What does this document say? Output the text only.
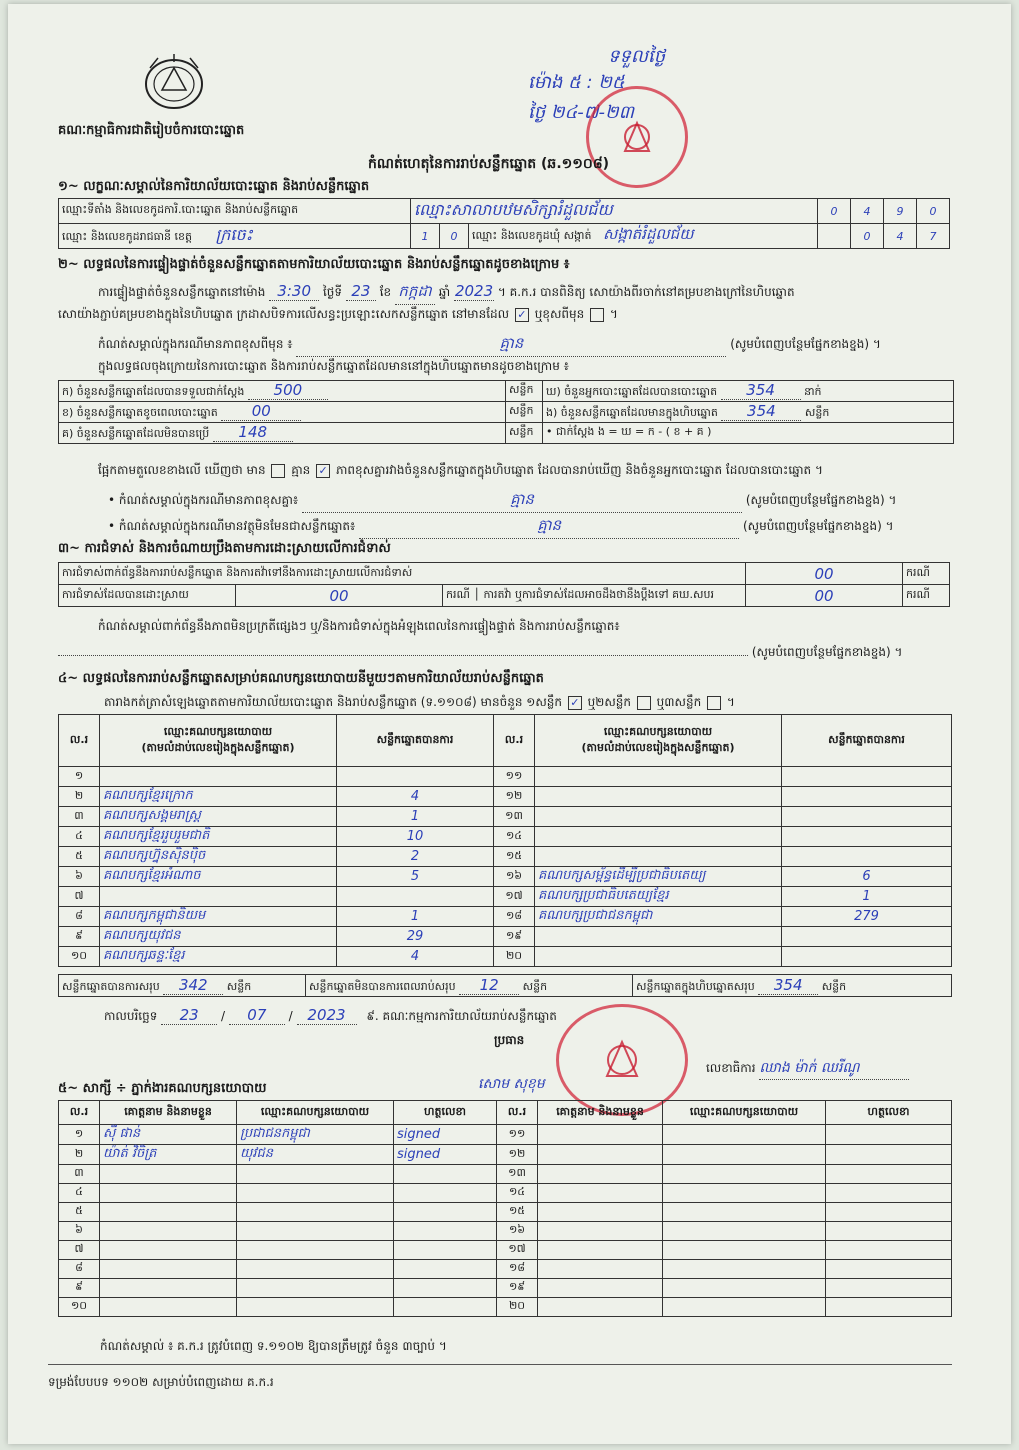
គណៈកម្មាធិការជាតិរៀបចំការបោះឆ្នោត
ទទួលថ្ងៃ
ម៉ោង ៥ : ២៥
ថ្ងៃ ២៤-៧-២៣
កំណត់ហេតុនៃការរាប់សន្លឹកឆ្នោត (ឆ.១១០៨)
១~ លក្ខណៈសម្គាល់នៃការិយាល័យបោះឆ្នោត និងរាប់សន្លឹកឆ្នោត
ឈ្មោះទីតាំង និងលេខកូដការិ.បោះឆ្នោត និងរាប់សន្លឹកឆ្នោត	ឈ្មោះសាលាបឋមសិក្សារំដួលជ័យ			0	4	9	0
ឈ្មោះ និងលេខកូដរាជធានី ខេត្ត ក្រចេះ	1	0	ឈ្មោះ និងលេខកូដឃុំ សង្កាត់ សង្កាត់រំដួលជ័យ		0	4	7
២~ លទ្ធផលនៃការផ្ទៀងផ្ទាត់ចំនួនសន្លឹកឆ្នោតតាមការិយាល័យបោះឆ្នោត និងរាប់សន្លឹកឆ្នោតដូចខាងក្រោម ៖
ការផ្ទៀងផ្ទាត់ចំនួនសន្លឹកឆ្នោតនៅម៉ោង 3:30 ថ្ងៃទី 23 ខែ កក្កដា ឆ្នាំ 2023 ។ គ.ក.រ បានពិនិត្យ សោយ៉ាងពីរចាក់នៅគម្របខាងក្រៅនៃហិបឆ្នោត
សោយ៉ាងភ្ជាប់គម្របខាងក្នុងនៃហិបឆ្នោត ក្រដាសបិទការលើសន្ធះប្រឡោះសេកសន្លឹកឆ្នោត នៅមានដែល ✓ ឬខុសពីមុន  ។
កំណត់សម្គាល់ក្នុងករណីមានភាពខុសពីមុន ៖	គ្មាន	(សូមបំពេញបន្ថែមផ្នែកខាងខ្នង) ។
ក្នុងលទ្ធផលចុងក្រោយនៃការបោះឆ្នោត និងការរាប់សន្លឹកឆ្នោតដែលមាននៅក្នុងហិបឆ្នោតមានដូចខាងក្រោម ៖
ក) ចំនួនសន្លឹកឆ្នោតដែលបានទទួលជាក់ស្តែង 500	សន្លឹក	ឃ) ចំនួនអ្នកបោះឆ្នោតដែលបានបោះឆ្នោត 354 នាក់
ខ) ចំនួនសន្លឹកឆ្នោតខូចពេលបោះឆ្នោត 00	សន្លឹក	ង) ចំនួនសន្លឹកឆ្នោតដែលមានក្នុងហិបឆ្នោត 354 សន្លឹក
គ) ចំនួនសន្លឹកឆ្នោតដែលមិនបានប្រើ 148	សន្លឹក	• ជាក់ស្តែង ង = ឃ = ក - ( ខ + គ )
ផ្អែកតាមតួលេខខាងលើ ឃើញថា មាន គ្មាន ✓ ភាពខុសគ្នារវាងចំនួនសន្លឹកឆ្នោតក្នុងហិបឆ្នោត ដែលបានរាប់ឃើញ និងចំនួនអ្នកបោះឆ្នោត ដែលបានបោះឆ្នោត ។
• កំណត់សម្គាល់ក្នុងករណីមានភាពខុសគ្នា៖	គ្មាន	(សូមបំពេញបន្ថែមផ្នែកខាងខ្នង) ។
• កំណត់សម្គាល់ក្នុងករណីមានវត្ថុមិនមែនជាសន្លឹកឆ្នោត៖	គ្មាន	(សូមបំពេញបន្ថែមផ្នែកខាងខ្នង) ។
៣~ ការជំទាស់ និងការចំណាយប្រឹងតាមការដោះស្រាយលើការជំទាស់
ការជំទាស់ពាក់ព័ន្ធនឹងការរាប់សន្លឹកឆ្នោត និងការតវ៉ាទៅនឹងការដោះស្រាយលើការជំទាស់			00	ករណី
ការជំទាស់ដែលបានដោះស្រាយ	00	ករណី │ ការតវ៉ា ឬការជំទាស់ដែលអាចដឹងថានឹងប្តឹងទៅ គឃ.សបរ	00	ករណី
កំណត់សម្គាល់ពាក់ព័ន្ធនឹងភាពមិនប្រក្រតីផ្សេងៗ ឬ/និងការជំទាស់ក្នុងអំឡុងពេលនៃការផ្ទៀងផ្ទាត់ និងការរាប់សន្លឹកឆ្នោត៖
(សូមបំពេញបន្ថែមផ្នែកខាងខ្នង) ។
៤~ លទ្ធផលនៃការរាប់សន្លឹកឆ្នោតសម្រាប់គណបក្សនយោបាយនីមួយៗតាមការិយាល័យរាប់សន្លឹកឆ្នោត
តារាងកត់ត្រាសំឡេងឆ្នោតតាមការិយាល័យបោះឆ្នោត និងរាប់សន្លឹកឆ្នោត (ទ.១១០៨) មានចំនួន ១សន្លឹក ✓ ឬ២សន្លឹក ឬ៣សន្លឹក  ។
ល.រ	ឈ្មោះគណបក្សនយោបាយ
(តាមលំដាប់លេខរៀងក្នុងសន្លឹកឆ្នោត)	សន្លឹកឆ្នោតបានការ	ល.រ	ឈ្មោះគណបក្សនយោបាយ
(តាមលំដាប់លេខរៀងក្នុងសន្លឹកឆ្នោត)	សន្លឹកឆ្នោតបានការ
១			១១		
២	គណបក្សខ្មែរក្រោក	4	១២		
៣	គណបក្សសង្គមរាស្ត្រ	1	១៣		
៤	គណបក្សខ្មែររួបរួមជាតិ	10	១៤		
៥	គណបក្សហ្វ៊ុនស៊ិនប៉ិច	2	១៥		
៦	គណបក្សខ្មែរអំណាច	5	១៦	គណបក្សសម្ព័ន្ធដើម្បីប្រជាធិបតេយ្យ	6
៧			១៧	គណបក្សប្រជាធិបតេយ្យខ្មែរ	1
៨	គណបក្សកម្ពុជានិយម	1	១៨	គណបក្សប្រជាជនកម្ពុជា	279
៩	គណបក្សយុវជន	29	១៩		
១០	គណបក្សឆន្ទៈខ្មែរ	4	២០		
សន្លឹកឆ្នោតបានការសរុប 342 សន្លឹក	សន្លឹកឆ្នោតមិនបានការពេលរាប់សរុប 12 សន្លឹក	សន្លឹកឆ្នោតក្នុងហិបឆ្នោតសរុប 354 សន្លឹក
កាលបរិច្ឆេទ 23 / 07 / 2023 ៩. គណៈកម្មការការិយាល័យរាប់សន្លឹកឆ្នោត
ប្រធាន
សោម សុខុម
លេខាធិការ ឈាង ម៉ាក់ ឈរីណូ
៥~ សាក្សី ÷ ភ្នាក់ងារគណបក្សនយោបាយ
ល.រ	គោត្តនាម និងនាមខ្លួន	ឈ្មោះគណបក្សនយោបាយ	ហត្ថលេខា	ល.រ	គោត្តនាម និងនាមខ្លួន	ឈ្មោះគណបក្សនយោបាយ	ហត្ថលេខា
១	ស៊ី ផាន់	ប្រជាជនកម្ពុជា	signed	១១			
២	យ៉ាត់ វិចិត្រ	យុវជន	signed	១២			
៣				១៣			
៤				១៤			
៥				១៥			
៦				១៦			
៧				១៧			
៨				១៨			
៩				១៩			
១០				២០			
កំណត់សម្គាល់ ៖ គ.ក.រ ត្រូវបំពេញ ទ.១១០២ ឱ្យបានត្រឹមត្រូវ ចំនួន ៣ច្បាប់ ។
ទម្រង់បែបបទ ១១០២ សម្រាប់បំពេញដោយ គ.ក.រ
